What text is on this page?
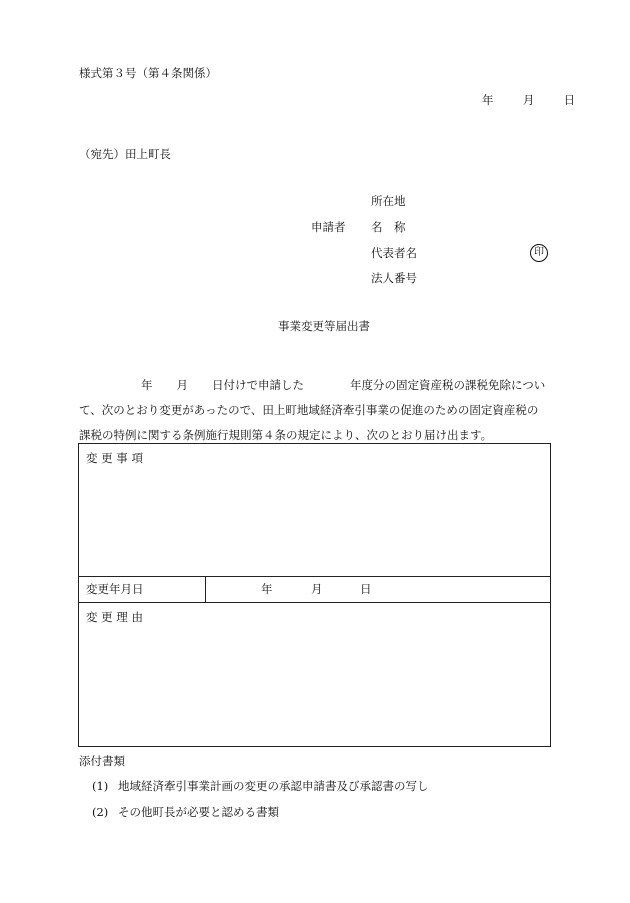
様式第３号（第４条関係）
年	月	日
（宛先）田上町長
所在地
申請者 名　称
代表者名	印
法人番号
事業変更等届出書
年 月 日付けで申請した	年度分の固定資産税の課税免除につい
て、次のとおり変更があったので、田上町地域経済牽引事業の促進のための固定資産税の
課税の特例に関する条例施行規則第４条の規定により、次のとおり届け出ます。
変 更 事 項
変更年月日	年	月	日
変 更 理 由
添付書類
(1) 地域経済牽引事業計画の変更の承認申請書及び承認書の写し
(2) その他町長が必要と認める書類
